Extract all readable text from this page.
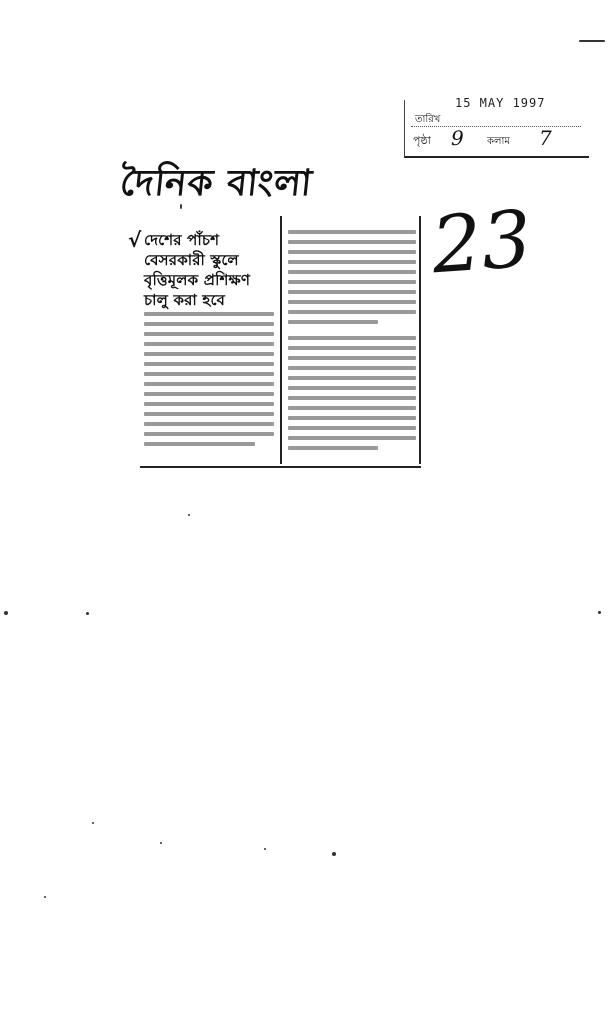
15 MAY 1997
তারিখ
পৃষ্ঠা 9 কলাম 7
দৈনিক বাংলা
23
√ দেশের পাঁচশ বেসরকারী স্কুলে বৃত্তিমূলক প্রশিক্ষণ চালু করা হবে
